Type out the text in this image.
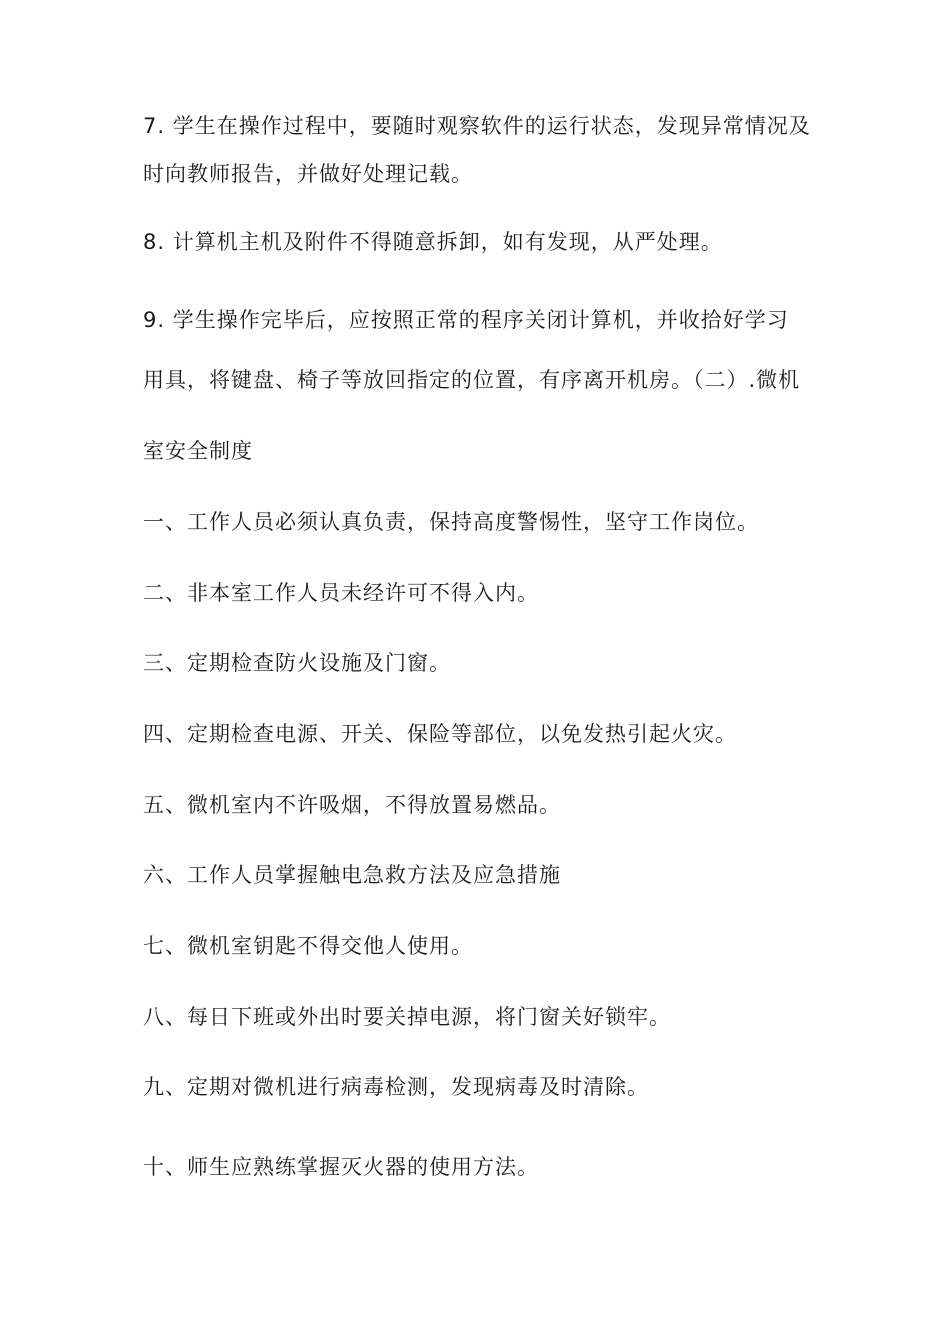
7. 学生在操作过程中，要随时观察软件的运行状态，发现异常情况及
时向教师报告，并做好处理记载。
8. 计算机主机及附件不得随意拆卸，如有发现，从严处理。
9. 学生操作完毕后，应按照正常的程序关闭计算机，并收拾好学习
用具，将键盘、椅子等放回指定的位置，有序离开机房。（二）.微机
室安全制度
一、工作人员必须认真负责，保持高度警惕性，坚守工作岗位。
二、非本室工作人员未经许可不得入内。
三、定期检查防火设施及门窗。
四、定期检查电源、开关、保险等部位，以免发热引起火灾。
五、微机室内不许吸烟，不得放置易燃品。
六、工作人员掌握触电急救方法及应急措施
七、微机室钥匙不得交他人使用。
八、每日下班或外出时要关掉电源，将门窗关好锁牢。
九、定期对微机进行病毒检测，发现病毒及时清除。
十、师生应熟练掌握灭火器的使用方法。
